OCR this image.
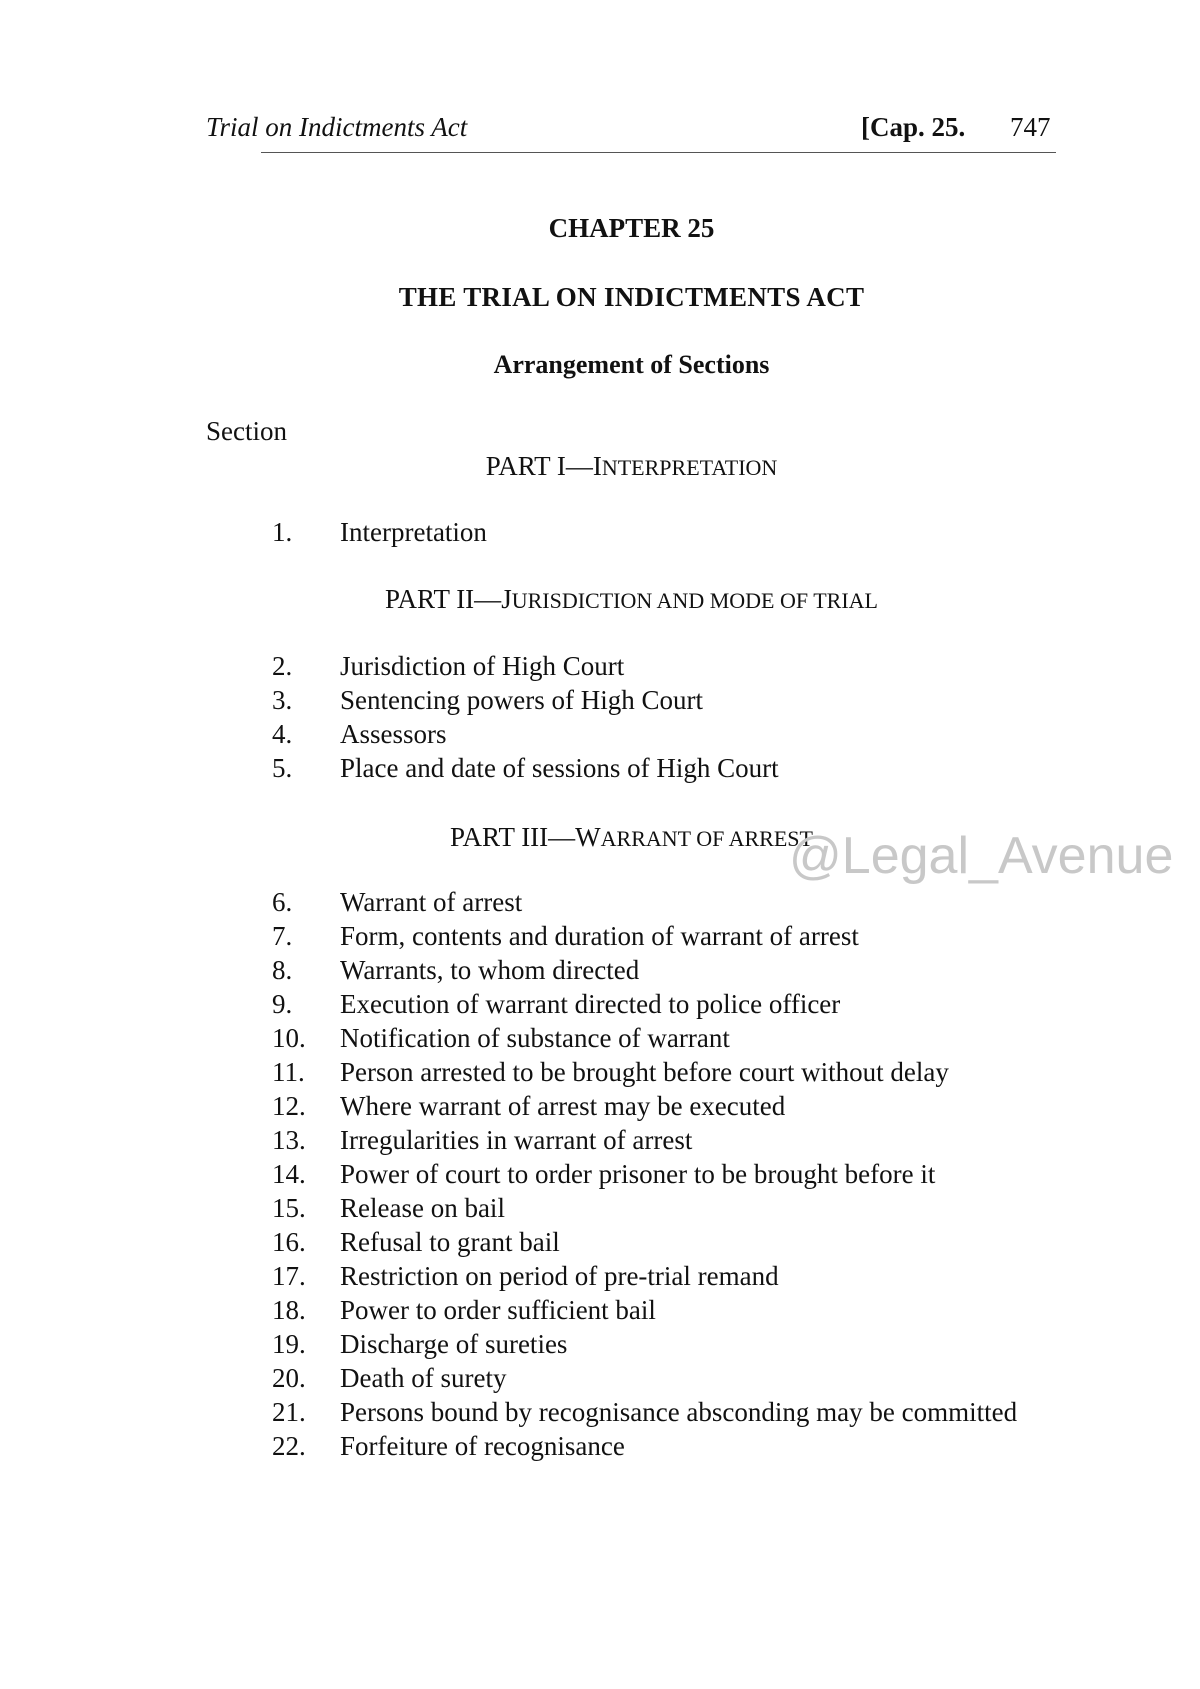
Trial on Indictments Act	[Cap. 25. 747
CHAPTER 25
THE TRIAL ON INDICTMENTS ACT
Arrangement of Sections
Section
PART I—INTERPRETATION
1. Interpretation
PART II—JURISDICTION AND MODE OF TRIAL
2. Jurisdiction of High Court
3. Sentencing powers of High Court
4. Assessors
5. Place and date of sessions of High Court
PART III—WARRANT OF ARREST
6. Warrant of arrest
7. Form, contents and duration of warrant of arrest
8. Warrants, to whom directed
9. Execution of warrant directed to police officer
10. Notification of substance of warrant
11. Person arrested to be brought before court without delay
12. Where warrant of arrest may be executed
13. Irregularities in warrant of arrest
14. Power of court to order prisoner to be brought before it
15. Release on bail
16. Refusal to grant bail
17. Restriction on period of pre-trial remand
18. Power to order sufficient bail
19. Discharge of sureties
20. Death of surety
21. Persons bound by recognisance absconding may be committed
22. Forfeiture of recognisance
@Legal_Avenue
